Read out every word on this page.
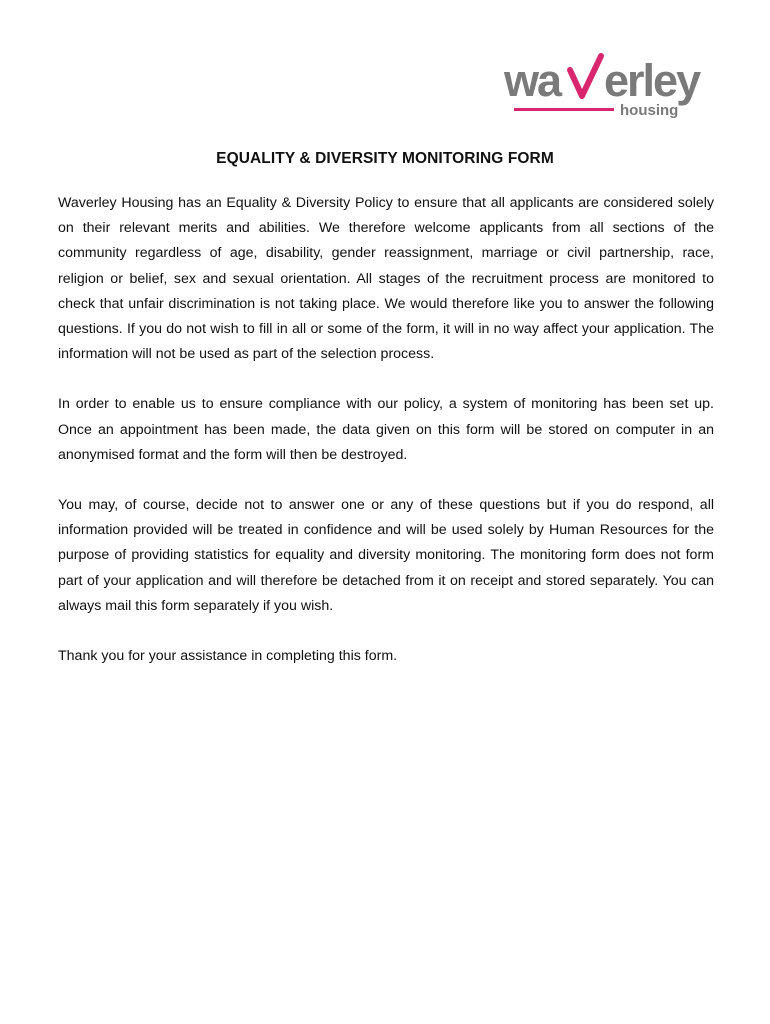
wa erley
housing
EQUALITY & DIVERSITY MONITORING FORM

Waverley Housing has an Equality & Diversity Policy to ensure that all applicants are considered solely on their relevant merits and abilities. We therefore welcome applicants from all sections of the community regardless of age, disability, gender reassignment, marriage or civil partnership, race, religion or belief, sex and sexual orientation. All stages of the recruitment process are monitored to check that unfair discrimination is not taking place. We would therefore like you to answer the following questions. If you do not wish to fill in all or some of the form, it will in no way affect your application. The information will not be used as part of the selection process.

In order to enable us to ensure compliance with our policy, a system of monitoring has been set up. Once an appointment has been made, the data given on this form will be stored on computer in an anonymised format and the form will then be destroyed.

You may, of course, decide not to answer one or any of these questions but if you do respond, all information provided will be treated in confidence and will be used solely by Human Resources for the purpose of providing statistics for equality and diversity monitoring. The monitoring form does not form part of your application and will therefore be detached from it on receipt and stored separately. You can always mail this form separately if you wish.

Thank you for your assistance in completing this form.
